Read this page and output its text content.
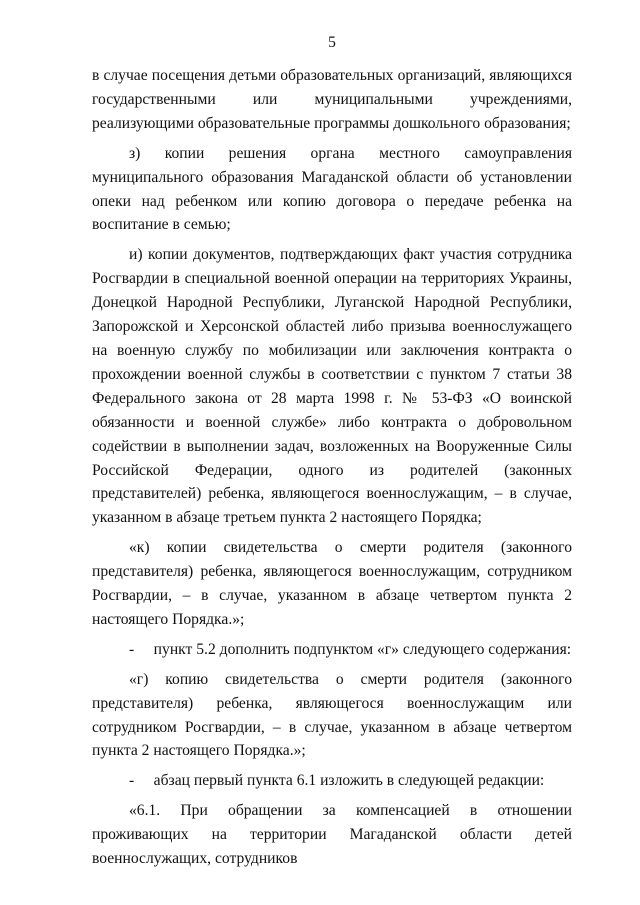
5

в случае посещения детьми образовательных организаций, являющихся государственными или муниципальными учреждениями, реализующими образовательные программы дошкольного образования;

з) копии решения органа местного самоуправления муниципального образования Магаданской области об установлении опеки над ребенком или копию договора о передаче ребенка на воспитание в семью;

и) копии документов, подтверждающих факт участия сотрудника Росгвардии в специальной военной операции на территориях Украины, Донецкой Народной Республики, Луганской Народной Республики, Запорожской и Херсонской областей либо призыва военнослужащего на военную службу по мобилизации или заключения контракта о прохождении военной службы в соответствии с пунктом 7 статьи 38 Федерального закона от 28 марта 1998 г. № 53-ФЗ «О воинской обязанности и военной службе» либо контракта о добровольном содействии в выполнении задач, возложенных на Вооруженные Силы Российской Федерации, одного из родителей (законных представителей) ребенка, являющегося военнослужащим, – в случае, указанном в абзаце третьем пункта 2 настоящего Порядка;

«к) копии свидетельства о смерти родителя (законного представителя) ребенка, являющегося военнослужащим, сотрудником Росгвардии, – в случае, указанном в абзаце четвертом пункта 2 настоящего Порядка.»;

-     пункт 5.2 дополнить подпунктом «г» следующего содержания:

«г) копию свидетельства о смерти родителя (законного представителя) ребенка, являющегося военнослужащим или сотрудником Росгвардии, – в случае, указанном в абзаце четвертом пункта 2 настоящего Порядка.»;

-     абзац первый пункта 6.1 изложить в следующей редакции:

«6.1. При обращении за компенсацией в отношении проживающих на территории Магаданской области детей военнослужащих, сотрудников
